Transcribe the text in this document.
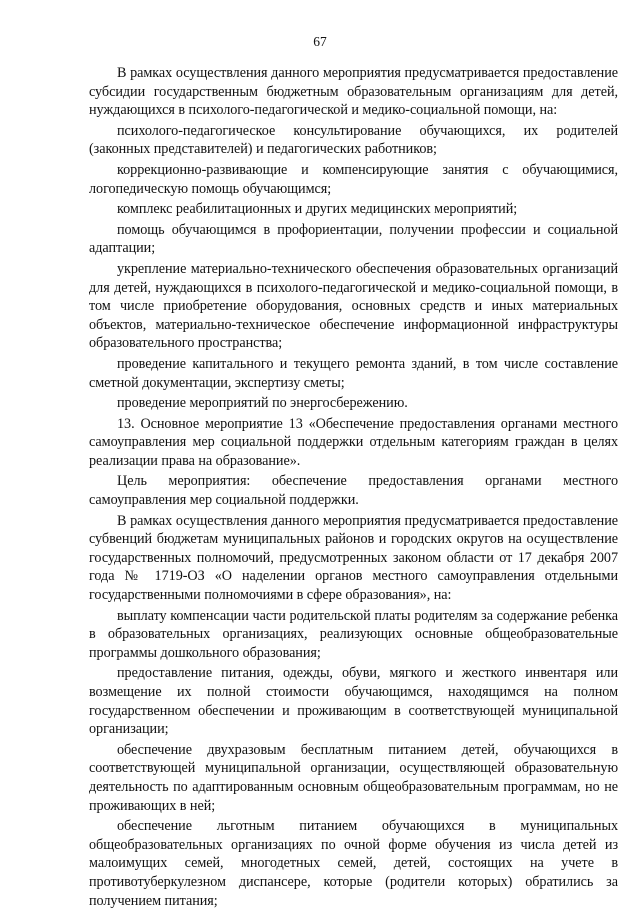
67

В рамках осуществления данного мероприятия предусматривается предоставление субсидии государственным бюджетным образовательным организациям для детей, нуждающихся в психолого-педагогической и медико-социальной помощи, на:

психолого-педагогическое консультирование обучающихся, их родителей (законных представителей) и педагогических работников;

коррекционно-развивающие и компенсирующие занятия с обучающимися, логопедическую помощь обучающимся;

комплекс реабилитационных и других медицинских мероприятий;

помощь обучающимся в профориентации, получении профессии и социальной адаптации;

укрепление материально-технического обеспечения образовательных организаций для детей, нуждающихся в психолого-педагогической и медико-социальной помощи, в том числе приобретение оборудования, основных средств и иных материальных объектов, материально-техническое обеспечение информационной инфраструктуры образовательного пространства;

проведение капитального и текущего ремонта зданий, в том числе составление сметной документации, экспертизу сметы;

проведение мероприятий по энергосбережению.

13. Основное мероприятие 13 «Обеспечение предоставления органами местного самоуправления мер социальной поддержки отдельным категориям граждан в целях реализации права на образование».

Цель мероприятия: обеспечение предоставления органами местного самоуправления мер социальной поддержки.

В рамках осуществления данного мероприятия предусматривается предоставление субвенций бюджетам муниципальных районов и городских округов на осуществление государственных полномочий, предусмотренных законом области от 17 декабря 2007 года № 1719-ОЗ «О наделении органов местного самоуправления отдельными государственными полномочиями в сфере образования», на:

выплату компенсации части родительской платы родителям за содержание ребенка в образовательных организациях, реализующих основные общеобразовательные программы дошкольного образования;

предоставление питания, одежды, обуви, мягкого и жесткого инвентаря или возмещение их полной стоимости обучающимся, находящимся на полном государственном обеспечении и проживающим в соответствующей муниципальной организации;

обеспечение двухразовым бесплатным питанием детей, обучающихся в соответствующей муниципальной организации, осуществляющей образовательную деятельность по адаптированным основным общеобразовательным программам, но не проживающих в ней;

обеспечение льготным питанием обучающихся в муниципальных общеобразовательных организациях по очной форме обучения из числа детей из малоимущих семей, многодетных семей, детей, состоящих на учете в противотуберкулезном диспансере, которые (родители которых) обратились за получением питания;
